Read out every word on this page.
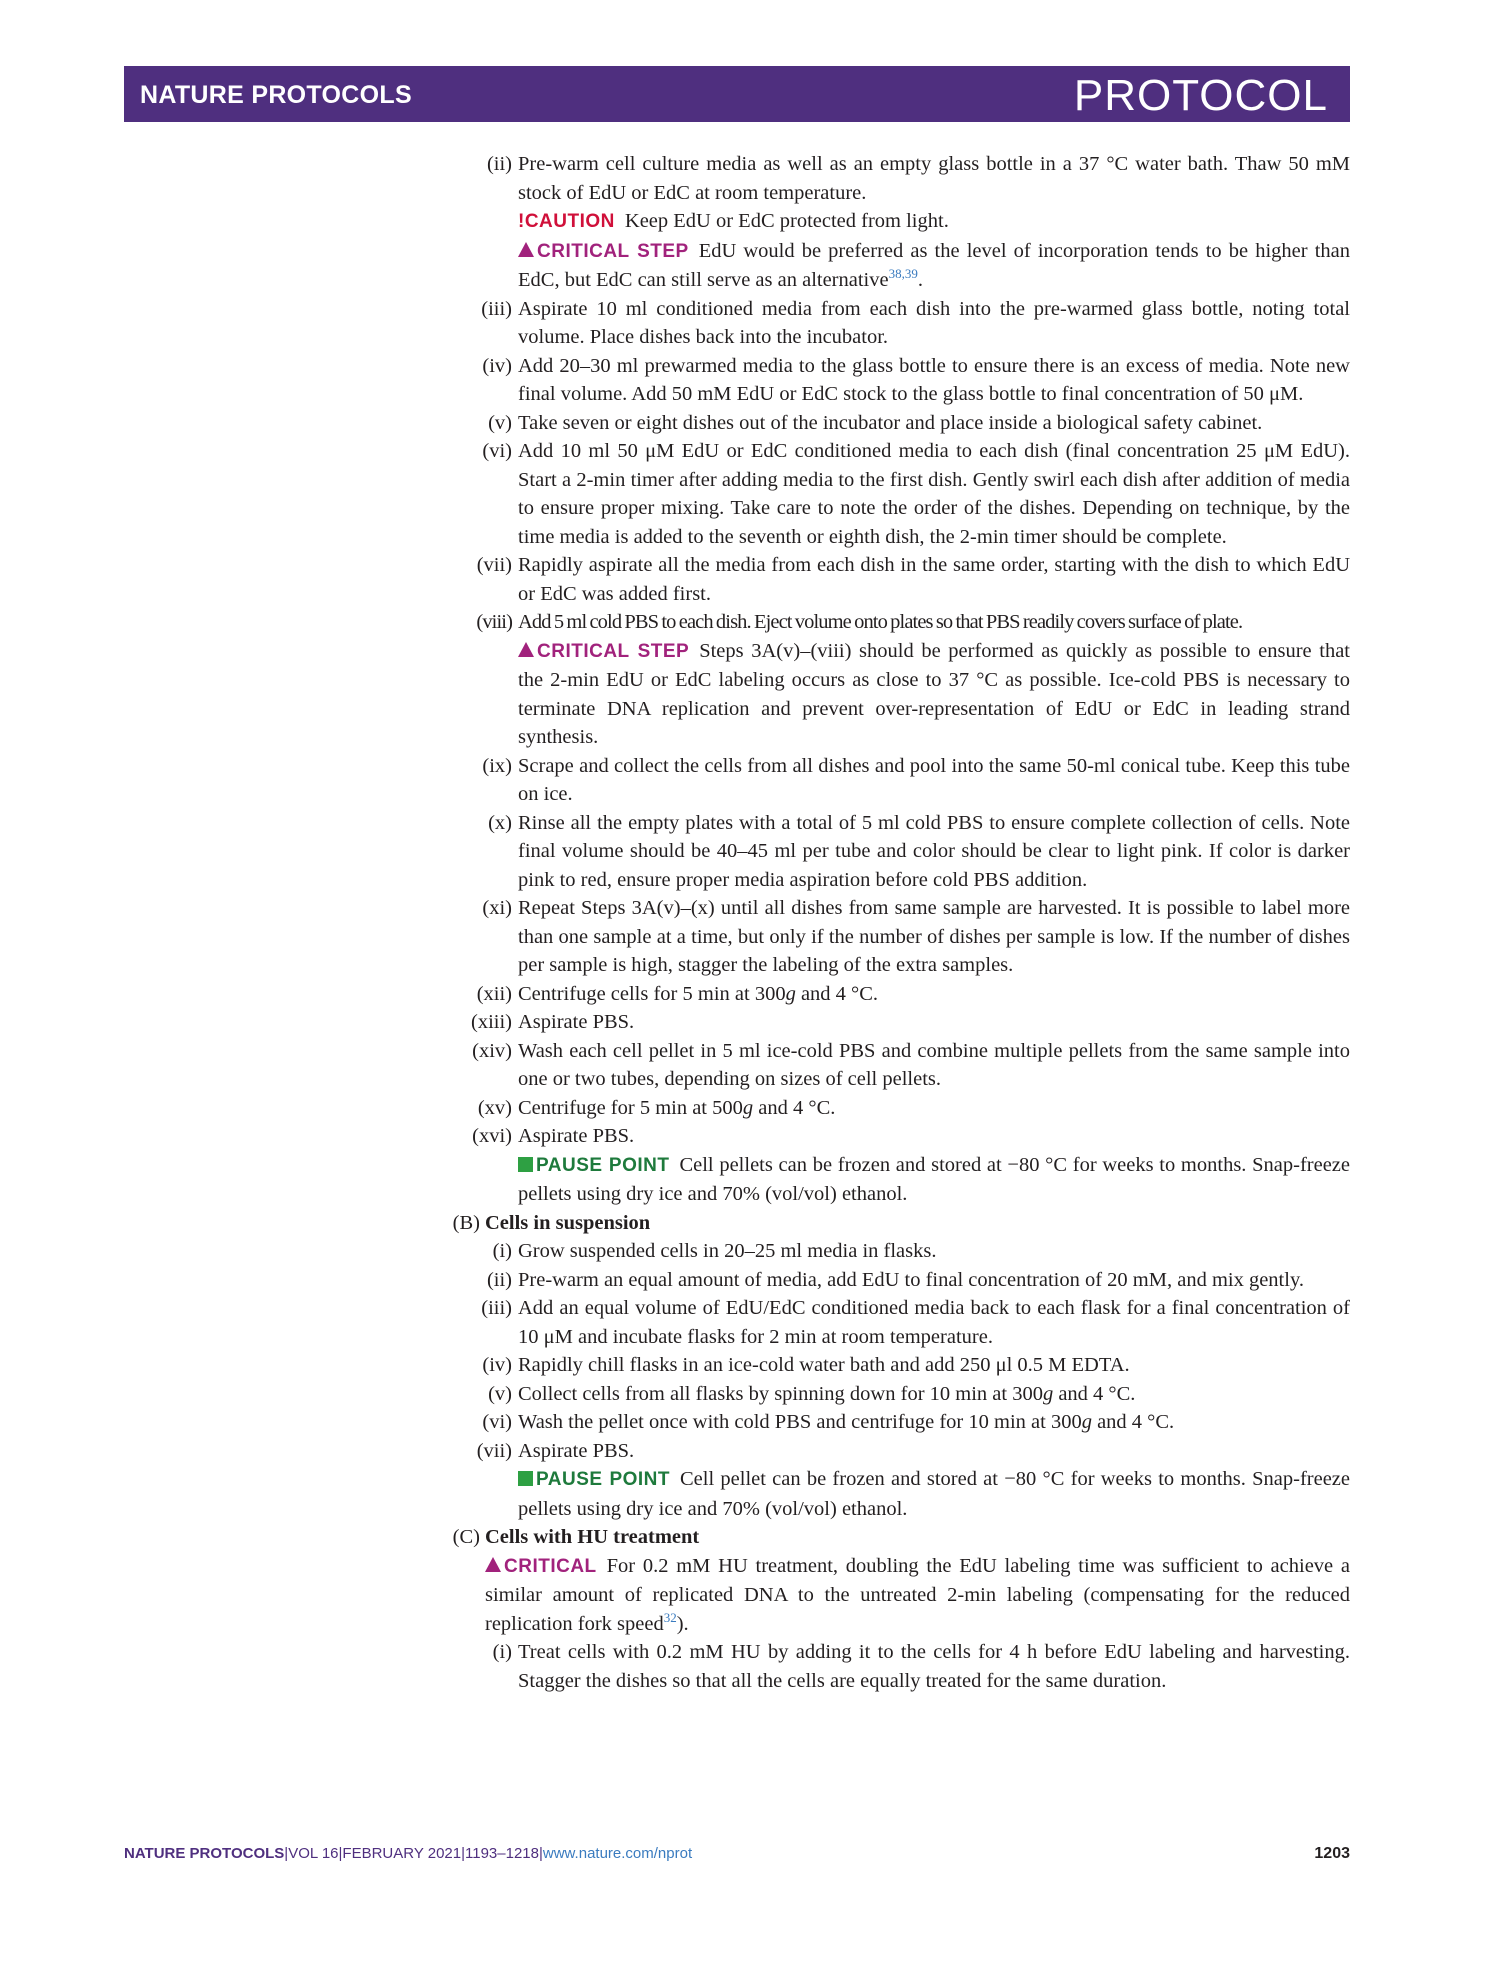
NATURE PROTOCOLS	PROTOCOL
(ii) Pre-warm cell culture media as well as an empty glass bottle in a 37 °C water bath. Thaw 50 mM stock of EdU or EdC at room temperature.
!CAUTION Keep EdU or EdC protected from light.
CRITICAL STEP EdU would be preferred as the level of incorporation tends to be higher than EdC, but EdC can still serve as an alternative$^{38,39}$.
(iii) Aspirate 10 ml conditioned media from each dish into the pre-warmed glass bottle, noting total volume. Place dishes back into the incubator.
(iv) Add 20–30 ml prewarmed media to the glass bottle to ensure there is an excess of media. Note new final volume. Add 50 mM EdU or EdC stock to the glass bottle to final concentration of 50 μM.
(v) Take seven or eight dishes out of the incubator and place inside a biological safety cabinet.
(vi) Add 10 ml 50 μM EdU or EdC conditioned media to each dish (final concentration 25 μM EdU). Start a 2-min timer after adding media to the first dish. Gently swirl each dish after addition of media to ensure proper mixing. Take care to note the order of the dishes. Depending on technique, by the time media is added to the seventh or eighth dish, the 2-min timer should be complete.
(vii) Rapidly aspirate all the media from each dish in the same order, starting with the dish to which EdU or EdC was added first.
(viii) Add 5 ml cold PBS to each dish. Eject volume onto plates so that PBS readily covers surface of plate.
CRITICAL STEP Steps 3A(v)–(viii) should be performed as quickly as possible to ensure that the 2-min EdU or EdC labeling occurs as close to 37 °C as possible. Ice-cold PBS is necessary to terminate DNA replication and prevent over-representation of EdU or EdC in leading strand synthesis.
(ix) Scrape and collect the cells from all dishes and pool into the same 50-ml conical tube. Keep this tube on ice.
(x) Rinse all the empty plates with a total of 5 ml cold PBS to ensure complete collection of cells. Note final volume should be 40–45 ml per tube and color should be clear to light pink. If color is darker pink to red, ensure proper media aspiration before cold PBS addition.
(xi) Repeat Steps 3A(v)–(x) until all dishes from same sample are harvested. It is possible to label more than one sample at a time, but only if the number of dishes per sample is low. If the number of dishes per sample is high, stagger the labeling of the extra samples.
(xii) Centrifuge cells for 5 min at 300g and 4 °C.
(xiii) Aspirate PBS.
(xiv) Wash each cell pellet in 5 ml ice-cold PBS and combine multiple pellets from the same sample into one or two tubes, depending on sizes of cell pellets.
(xv) Centrifuge for 5 min at 500g and 4 °C.
(xvi) Aspirate PBS.
PAUSE POINT Cell pellets can be frozen and stored at −80 °C for weeks to months. Snap-freeze pellets using dry ice and 70% (vol/vol) ethanol.
(B) Cells in suspension
(i) Grow suspended cells in 20–25 ml media in flasks.
(ii) Pre-warm an equal amount of media, add EdU to final concentration of 20 mM, and mix gently.
(iii) Add an equal volume of EdU/EdC conditioned media back to each flask for a final concentration of 10 μM and incubate flasks for 2 min at room temperature.
(iv) Rapidly chill flasks in an ice-cold water bath and add 250 μl 0.5 M EDTA.
(v) Collect cells from all flasks by spinning down for 10 min at 300g and 4 °C.
(vi) Wash the pellet once with cold PBS and centrifuge for 10 min at 300g and 4 °C.
(vii) Aspirate PBS.
PAUSE POINT Cell pellet can be frozen and stored at −80 °C for weeks to months. Snap-freeze pellets using dry ice and 70% (vol/vol) ethanol.
(C) Cells with HU treatment
CRITICAL For 0.2 mM HU treatment, doubling the EdU labeling time was sufficient to achieve a similar amount of replicated DNA to the untreated 2-min labeling (compensating for the reduced replication fork speed$^{32}$).
(i) Treat cells with 0.2 mM HU by adding it to the cells for 4 h before EdU labeling and harvesting. Stagger the dishes so that all the cells are equally treated for the same duration.
NATURE PROTOCOLS|VOL 16|FEBRUARY 2021|1193–1218|www.nature.com/nprot	1203
